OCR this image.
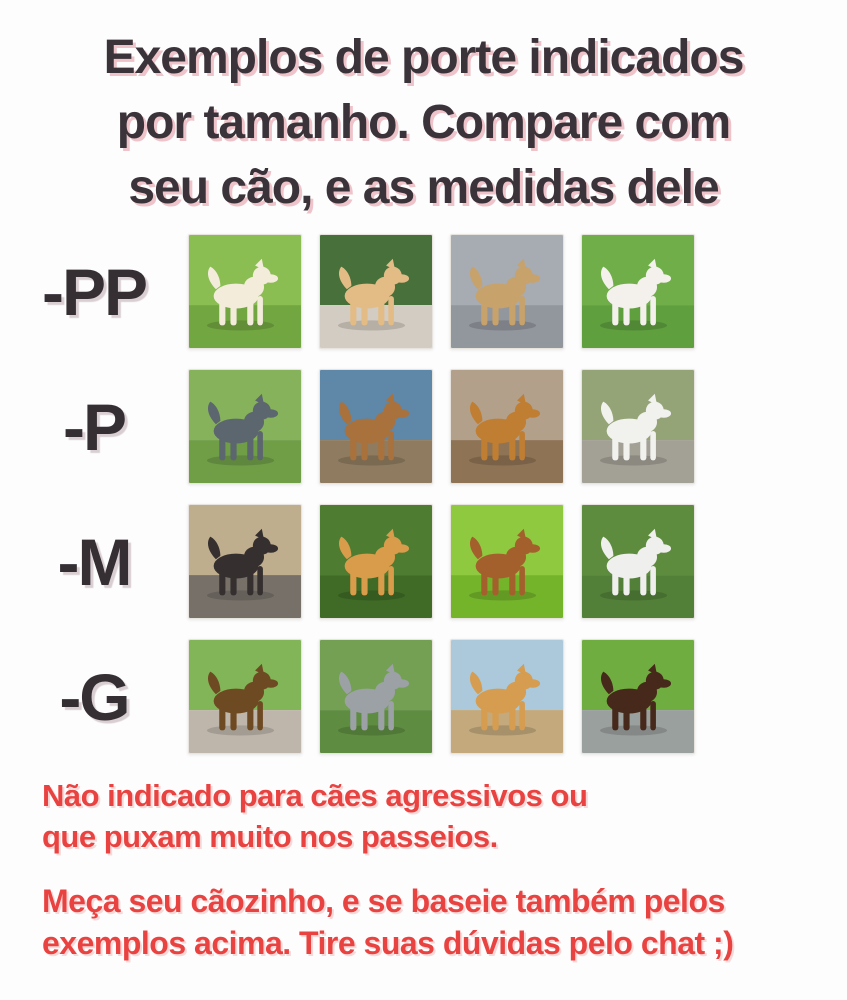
Exemplos de porte indicados
por tamanho. Compare com
seu cão, e as medidas dele
-PP
-P
-M
-G

Não indicado para cães agressivos ou
que puxam muito nos passeios.

Meça seu cãozinho, e se baseie também pelos
exemplos acima. Tire suas dúvidas pelo chat ;)
